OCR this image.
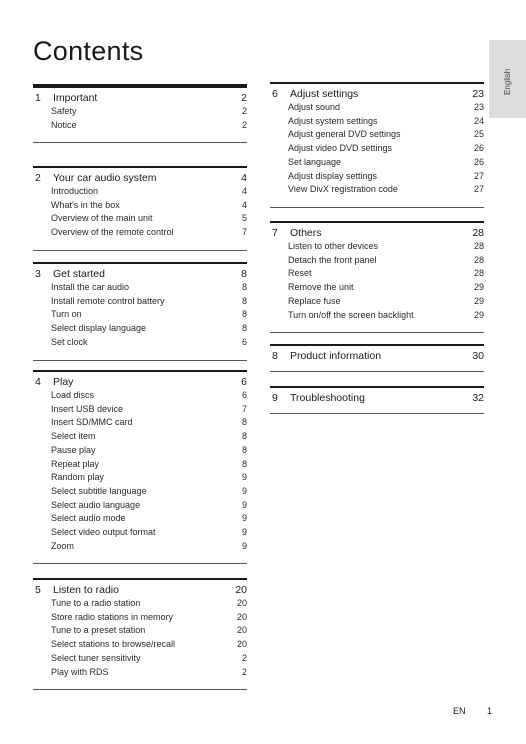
Contents
English
1	Important	2
Safety	2
Notice	2
2	Your car audio system	4
Introduction	4
What's in the box	4
Overview of the main unit	5
Overview of the remote control	7
3	Get started	8
Install the car audio	8
Install remote control battery	8
Turn on	8
Select display language	8
Set clock	6
4	Play	6
Load discs	6
Insert USB device	7
Insert SD/MMC card	8
Select item	8
Pause play	8
Repeat play	8
Random play	9
Select subtitle language	9
Select audio language	9
Select audio mode	9
Select video output format	9
Zoom	9
5	Listen to radio	20
Tune to a radio station	20
Store radio stations in memory	20
Tune to a preset station	20
Select stations to browse/recall	20
Select tuner sensitivity	2
Play with RDS	2
6	Adjust settings	23
Adjust sound	23
Adjust system settings	24
Adjust general DVD settings	25
Adjust video DVD settings	26
Set language	26
Adjust display settings	27
View DivX registration code	27
7	Others	28
Listen to other devices	28
Detach the front panel	28
Reset	28
Remove the unit	29
Replace fuse	29
Turn on/off the screen backlight	29
8	Product information	30
9	Troubleshooting	32
EN 1
